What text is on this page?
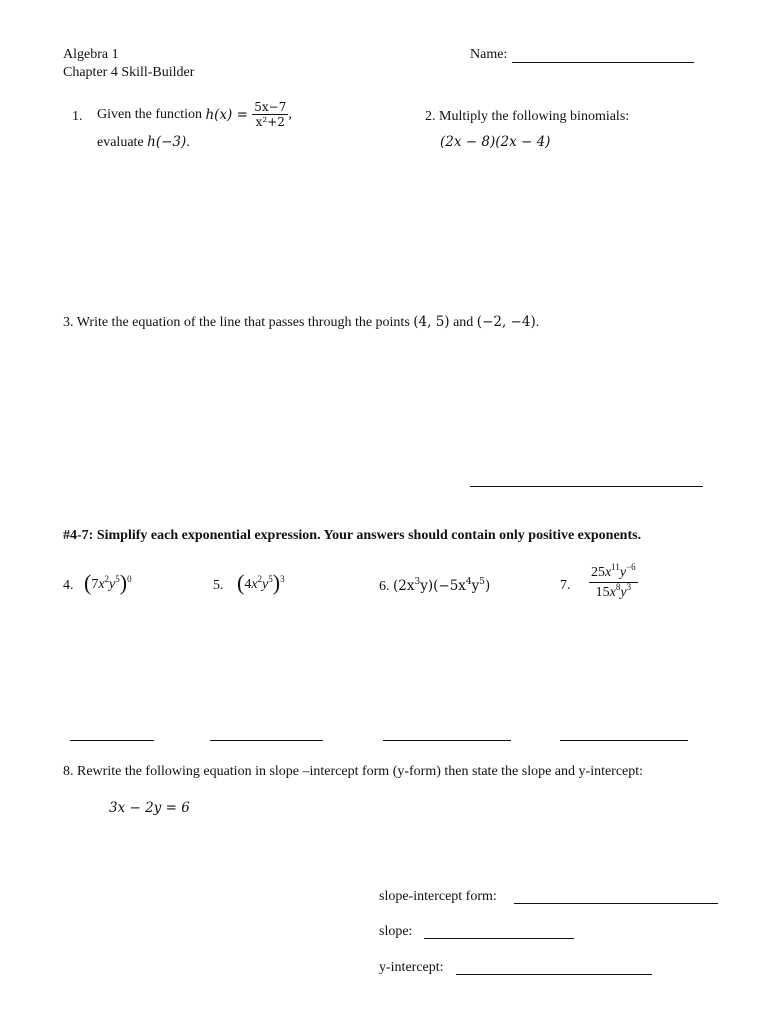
Algebra 1
Chapter 4 Skill-Builder
Name:
1. Given the function $h(x) = \frac{5x-7}{\text{x²+2}}$ ,
evaluate h(−3).
2. Multiply the following binomials:
(2x − 8)(2x − 4)
3. Write the equation of the line that passes through the points (4, 5) and (−2, −4).
#4-7: Simplify each exponential expression. Your answers should contain only positive exponents.
4. $(7x^2y^5)^0$	5. $(4x^2y^5)^3$	6. $(2x^3y)(-5x^4y^5)$	7. $\frac{25x^{11}y^{-6}}{15x^8y^3}$
8. Rewrite the following equation in slope –intercept form (y-form) then state the slope and y-intercept:
3x − 2y = 6
slope-intercept form:
slope:
y-intercept:
